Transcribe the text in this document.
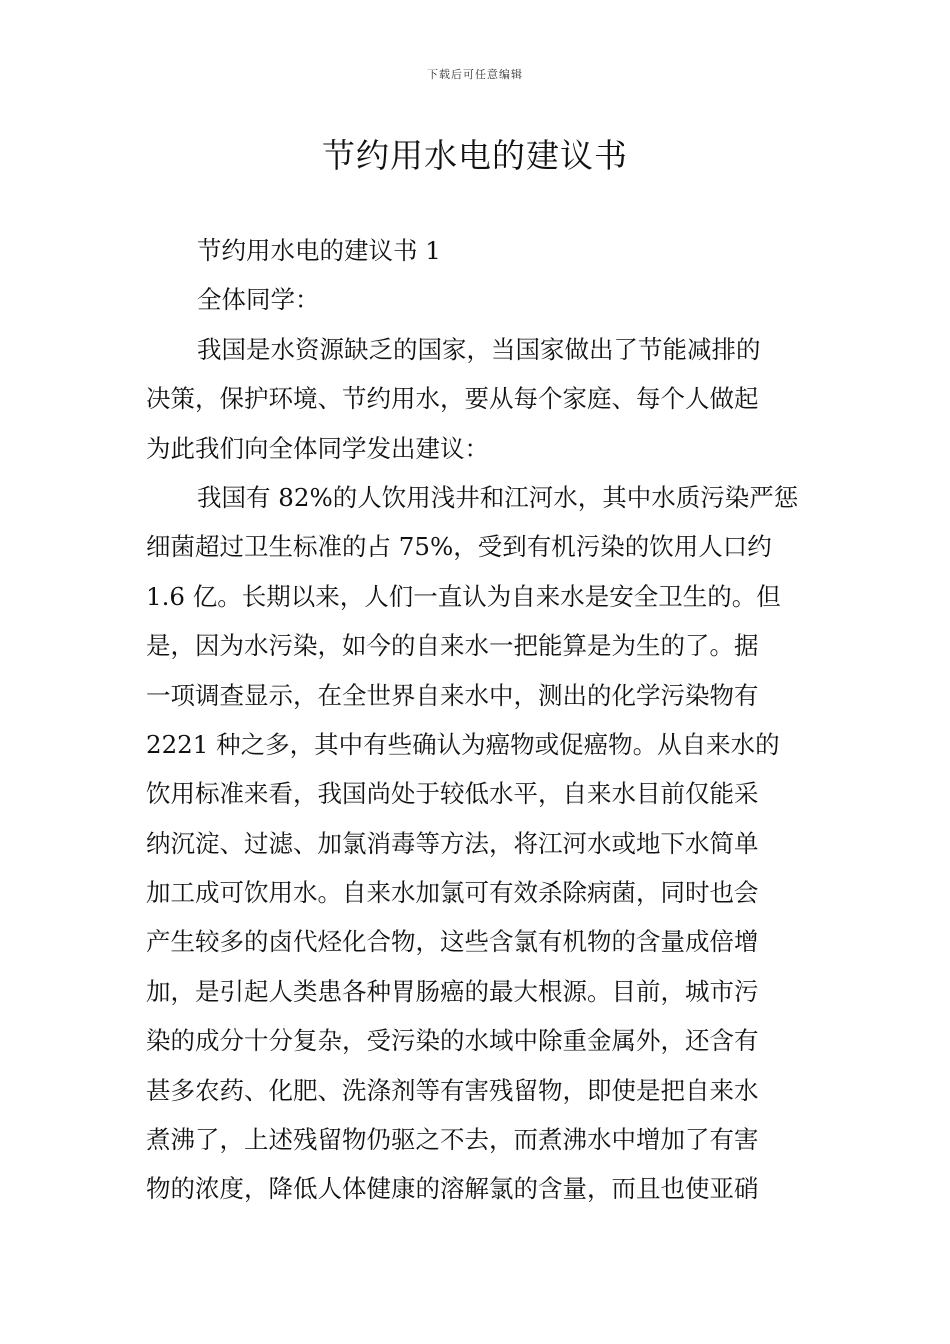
下载后可任意编辑
节约用水电的建议书
节约用水电的建议书 1
全体同学：
我国是水资源缺乏的国家，当国家做出了节能减排的
决策，保护环境、节约用水，要从每个家庭、每个人做起
为此我们向全体同学发出建议：
我国有 82%的人饮用浅井和江河水，其中水质污染严惩
细菌超过卫生标准的占 75%，受到有机污染的饮用人口约
1.6 亿。长期以来，人们一直认为自来水是安全卫生的。但
是，因为水污染，如今的自来水一把能算是为生的了。据
一项调查显示，在全世界自来水中，测出的化学污染物有
2221 种之多，其中有些确认为癌物或促癌物。从自来水的
饮用标准来看，我国尚处于较低水平，自来水目前仅能采
纳沉淀、过滤、加氯消毒等方法，将江河水或地下水简单
加工成可饮用水。自来水加氯可有效杀除病菌，同时也会
产生较多的卤代烃化合物，这些含氯有机物的含量成倍增
加，是引起人类患各种胃肠癌的最大根源。目前，城市污
染的成分十分复杂，受污染的水域中除重金属外，还含有
甚多农药、化肥、洗涤剂等有害残留物，即使是把自来水
煮沸了，上述残留物仍驱之不去，而煮沸水中增加了有害
物的浓度，降低人体健康的溶解氯的含量，而且也使亚硝
